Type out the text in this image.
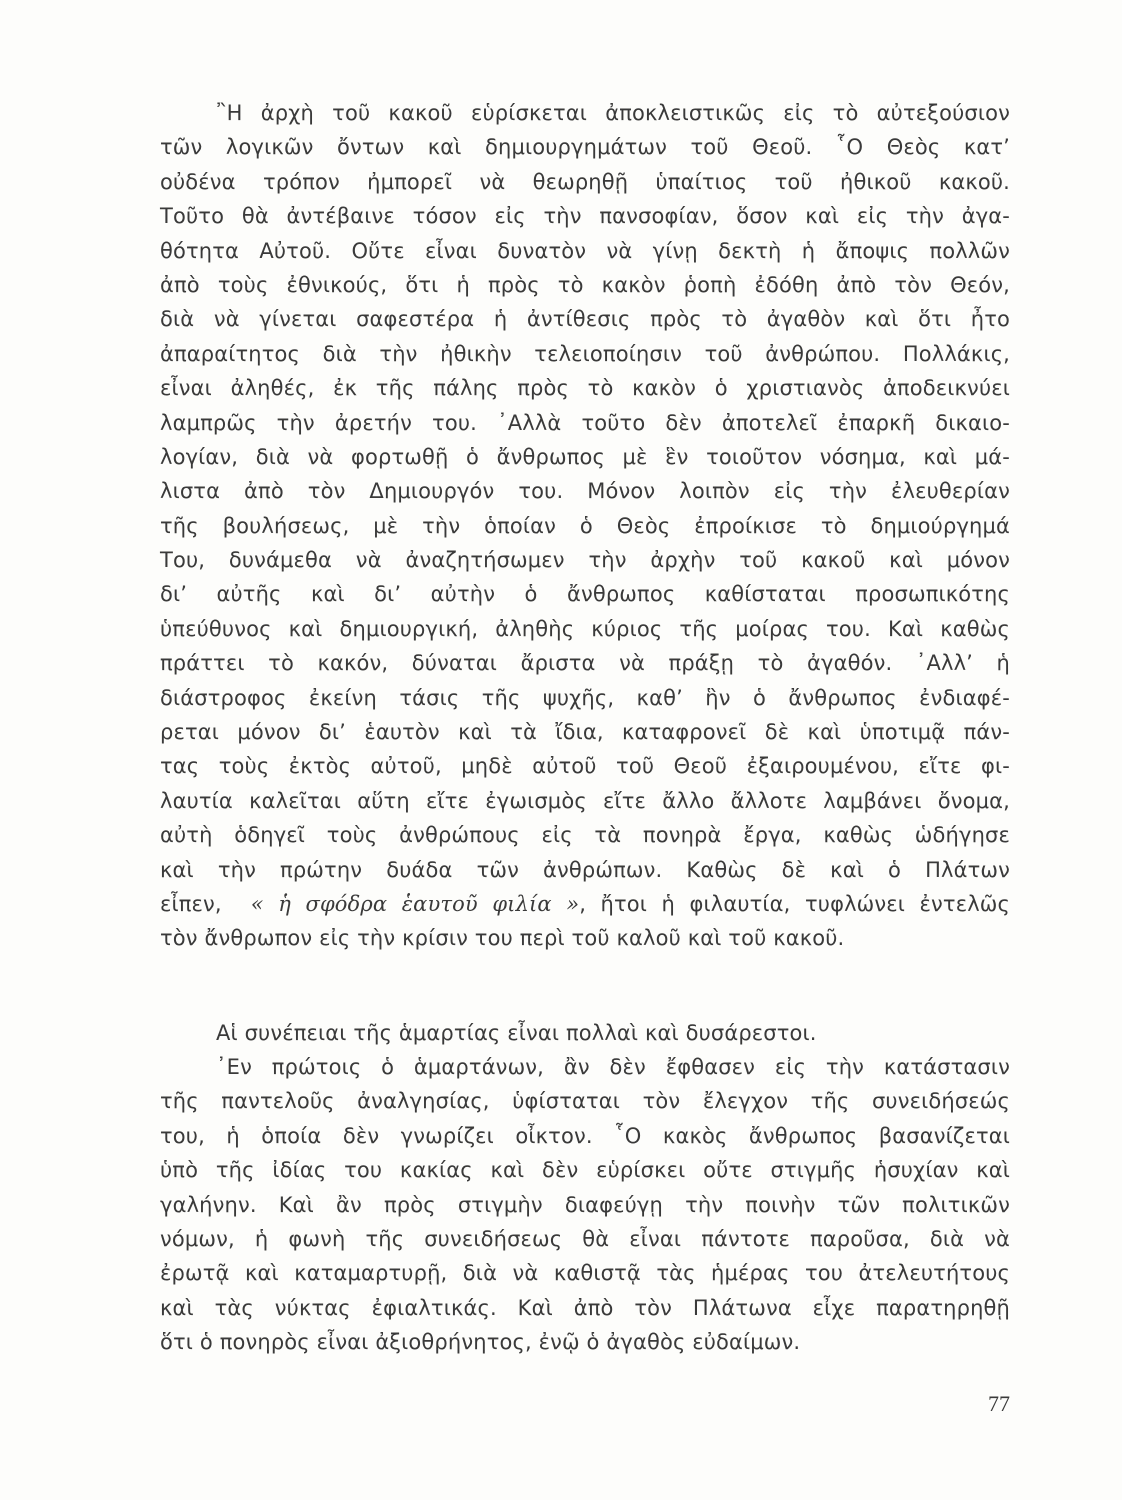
῍Η ἀρχὴ τοῦ κακοῦ εὑρίσκεται ἀποκλειστικῶς εἰς τὸ αὐτεξούσιον
τῶν λογικῶν ὄντων καὶ δημιουργημάτων τοῦ Θεοῦ. ῟Ο Θεὸς κατ’
οὐδένα τρόπον ἠμπορεῖ νὰ θεωρηθῇ ὑπαίτιος τοῦ ἠθικοῦ κακοῦ.
Τοῦτο θὰ ἀντέβαινε τόσον εἰς τὴν πανσοφίαν, ὅσον καὶ εἰς τὴν ἀγα-
θότητα Αὐτοῦ. Οὔτε εἶναι δυνατὸν νὰ γίνῃ δεκτὴ ἡ ἄποψις πολλῶν
ἀπὸ τοὺς ἐθνικούς, ὅτι ἡ πρὸς τὸ κακὸν ῥοπὴ ἐδόθη ἀπὸ τὸν Θεόν,
διὰ νὰ γίνεται σαφεστέρα ἡ ἀντίθεσις πρὸς τὸ ἀγαθὸν καὶ ὅτι ἦτο
ἀπαραίτητος διὰ τὴν ἠθικὴν τελειοποίησιν τοῦ ἀνθρώπου. Πολλάκις,
εἶναι ἀληθές, ἐκ τῆς πάλης πρὸς τὸ κακὸν ὁ χριστιανὸς ἀποδεικνύει
λαμπρῶς τὴν ἀρετήν του. ᾿Αλλὰ τοῦτο δὲν ἀποτελεῖ ἐπαρκῆ δικαιο-
λογίαν, διὰ νὰ φορτωθῇ ὁ ἄνθρωπος μὲ ἓν τοιοῦτον νόσημα, καὶ μά-
λιστα ἀπὸ τὸν Δημιουργόν του. Μόνον λοιπὸν εἰς τὴν ἐλευθερίαν
τῆς βουλήσεως, μὲ τὴν ὁποίαν ὁ Θεὸς ἐπροίκισε τὸ δημιούργημά
Του, δυνάμεθα νὰ ἀναζητήσωμεν τὴν ἀρχὴν τοῦ κακοῦ καὶ μόνον
δι’ αὐτῆς καὶ δι’ αὐτὴν ὁ ἄνθρωπος καθίσταται προσωπικότης
ὑπεύθυνος καὶ δημιουργική, ἀληθὴς κύριος τῆς μοίρας του. Καὶ καθὼς
πράττει τὸ κακόν, δύναται ἄριστα νὰ πράξῃ τὸ ἀγαθόν. ᾿Αλλ’ ἡ
διάστροφος ἐκείνη τάσις τῆς ψυχῆς, καθ’ ἣν ὁ ἄνθρωπος ἐνδιαφέ-
ρεται μόνον δι’ ἑαυτὸν καὶ τὰ ἴδια, καταφρονεῖ δὲ καὶ ὑποτιμᾷ πάν-
τας τοὺς ἐκτὸς αὐτοῦ, μηδὲ αὐτοῦ τοῦ Θεοῦ ἐξαιρουμένου, εἴτε φι-
λαυτία καλεῖται αὕτη εἴτε ἐγωισμὸς εἴτε ἄλλο ἄλλοτε λαμβάνει ὄνομα,
αὐτὴ ὁδηγεῖ τοὺς ἀνθρώπους εἰς τὰ πονηρὰ ἔργα, καθὼς ὡδήγησε
καὶ τὴν πρώτην δυάδα τῶν ἀνθρώπων. Καθὼς δὲ καὶ ὁ Πλάτων
εἶπεν, « ἡ σφόδρα ἑαυτοῦ φιλία », ἤτοι ἡ φιλαυτία, τυφλώνει ἐντελῶς
τὸν ἄνθρωπον εἰς τὴν κρίσιν του περὶ τοῦ καλοῦ καὶ τοῦ κακοῦ.
Αἱ συνέπειαι τῆς ἁμαρτίας εἶναι πολλαὶ καὶ δυσάρεστοι.
᾿Εν πρώτοις ὁ ἁμαρτάνων, ἂν δὲν ἔφθασεν εἰς τὴν κατάστασιν
τῆς παντελοῦς ἀναλγησίας, ὑφίσταται τὸν ἔλεγχον τῆς συνειδήσεώς
του, ἡ ὁποία δὲν γνωρίζει οἶκτον. ῟Ο κακὸς ἄνθρωπος βασανίζεται
ὑπὸ τῆς ἰδίας του κακίας καὶ δὲν εὑρίσκει οὔτε στιγμῆς ἡσυχίαν καὶ
γαλήνην. Καὶ ἂν πρὸς στιγμὴν διαφεύγῃ τὴν ποινὴν τῶν πολιτικῶν
νόμων, ἡ φωνὴ τῆς συνειδήσεως θὰ εἶναι πάντοτε παροῦσα, διὰ νὰ
ἐρωτᾷ καὶ καταμαρτυρῇ, διὰ νὰ καθιστᾷ τὰς ἡμέρας του ἀτελευτήτους
καὶ τὰς νύκτας ἐφιαλτικάς. Καὶ ἀπὸ τὸν Πλάτωνα εἶχε παρατηρηθῇ
ὅτι ὁ πονηρὸς εἶναι ἀξιοθρήνητος, ἐνῷ ὁ ἀγαθὸς εὐδαίμων.
77
